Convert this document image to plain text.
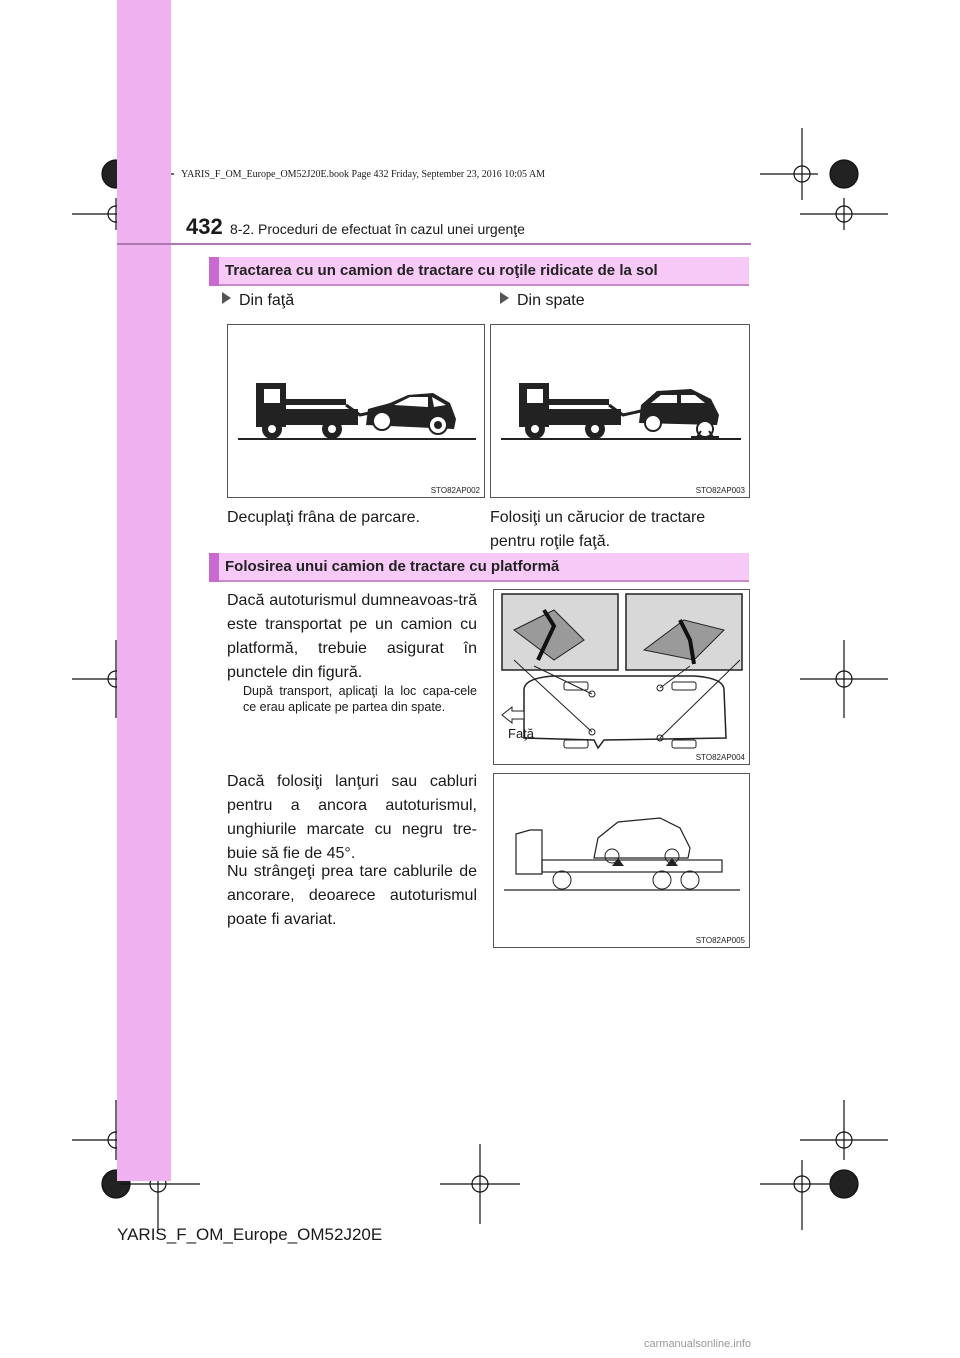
YARIS_F_OM_Europe_OM52J20E.book Page 432 Friday, September 23, 2016 10:05 AM
432 8-2. Proceduri de efectuat în cazul unei urgenţe
Tractarea cu un camion de tractare cu roţile ridicate de la sol
Din faţă	Din spate
STO82AP002	STO82AP003
Decuplaţi frâna de parcare.	Folosiţi un cărucior de tractare
pentru roţile faţă.
Folosirea unui camion de tractare cu platformă
Dacă autoturismul dumneavoas-tră este transportat pe un camion cu platformă, trebuie asigurat în punctele din figură.
După transport, aplicaţi la loc capa-cele ce erau aplicate pe partea din spate.
Dacă folosiţi lanţuri sau cabluri pentru a ancora autoturismul, unghiurile marcate cu negru tre-buie să fie de 45°.
Nu strângeţi prea tare cablurile de ancorare, deoarece autoturismul poate fi avariat.
Faţă
STO82AP004
STO82AP005
YARIS_F_OM_Europe_OM52J20E
carmanualsonline.info
